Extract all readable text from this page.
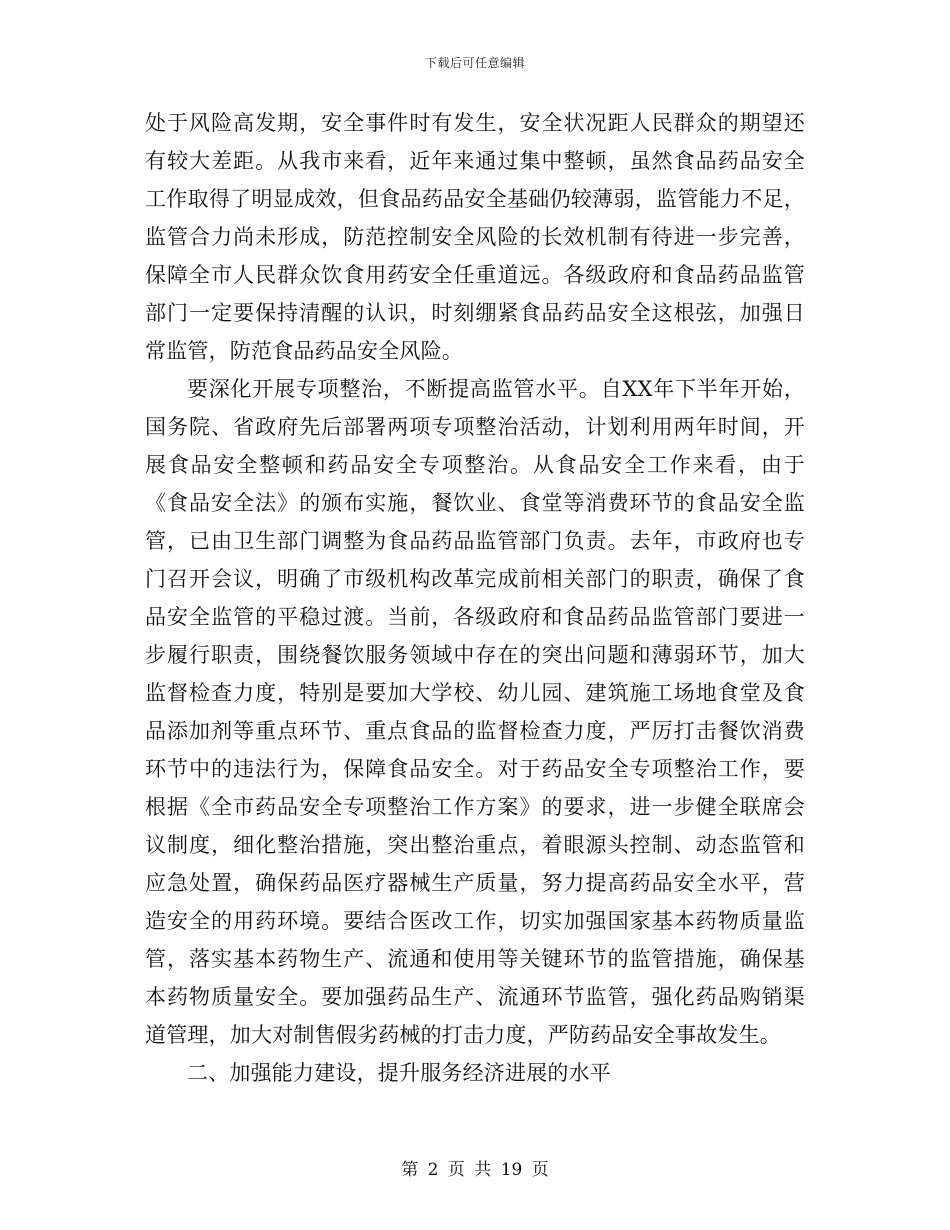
下载后可任意编辑
处于风险高发期，安全事件时有发生，安全状况距人民群众的期望还
有较大差距。从我市来看，近年来通过集中整顿，虽然食品药品安全
工作取得了明显成效，但食品药品安全基础仍较薄弱，监管能力不足，
监管合力尚未形成，防范控制安全风险的长效机制有待进一步完善，
保障全市人民群众饮食用药安全任重道远。各级政府和食品药品监管
部门一定要保持清醒的认识，时刻绷紧食品药品安全这根弦，加强日
常监管，防范食品药品安全风险。
要深化开展专项整治，不断提高监管水平。自XX年下半年开始，
国务院、省政府先后部署两项专项整治活动，计划利用两年时间，开
展食品安全整顿和药品安全专项整治。从食品安全工作来看，由于
《食品安全法》的颁布实施，餐饮业、食堂等消费环节的食品安全监
管，已由卫生部门调整为食品药品监管部门负责。去年，市政府也专
门召开会议，明确了市级机构改革完成前相关部门的职责，确保了食
品安全监管的平稳过渡。当前，各级政府和食品药品监管部门要进一
步履行职责，围绕餐饮服务领域中存在的突出问题和薄弱环节，加大
监督检查力度，特别是要加大学校、幼儿园、建筑施工场地食堂及食
品添加剂等重点环节、重点食品的监督检查力度，严厉打击餐饮消费
环节中的违法行为，保障食品安全。对于药品安全专项整治工作，要
根据《全市药品安全专项整治工作方案》的要求，进一步健全联席会
议制度，细化整治措施，突出整治重点，着眼源头控制、动态监管和
应急处置，确保药品医疗器械生产质量，努力提高药品安全水平，营
造安全的用药环境。要结合医改工作，切实加强国家基本药物质量监
管，落实基本药物生产、流通和使用等关键环节的监管措施，确保基
本药物质量安全。要加强药品生产、流通环节监管，强化药品购销渠
道管理，加大对制售假劣药械的打击力度，严防药品安全事故发生。
二、加强能力建设，提升服务经济进展的水平
第 2 页 共 19 页
